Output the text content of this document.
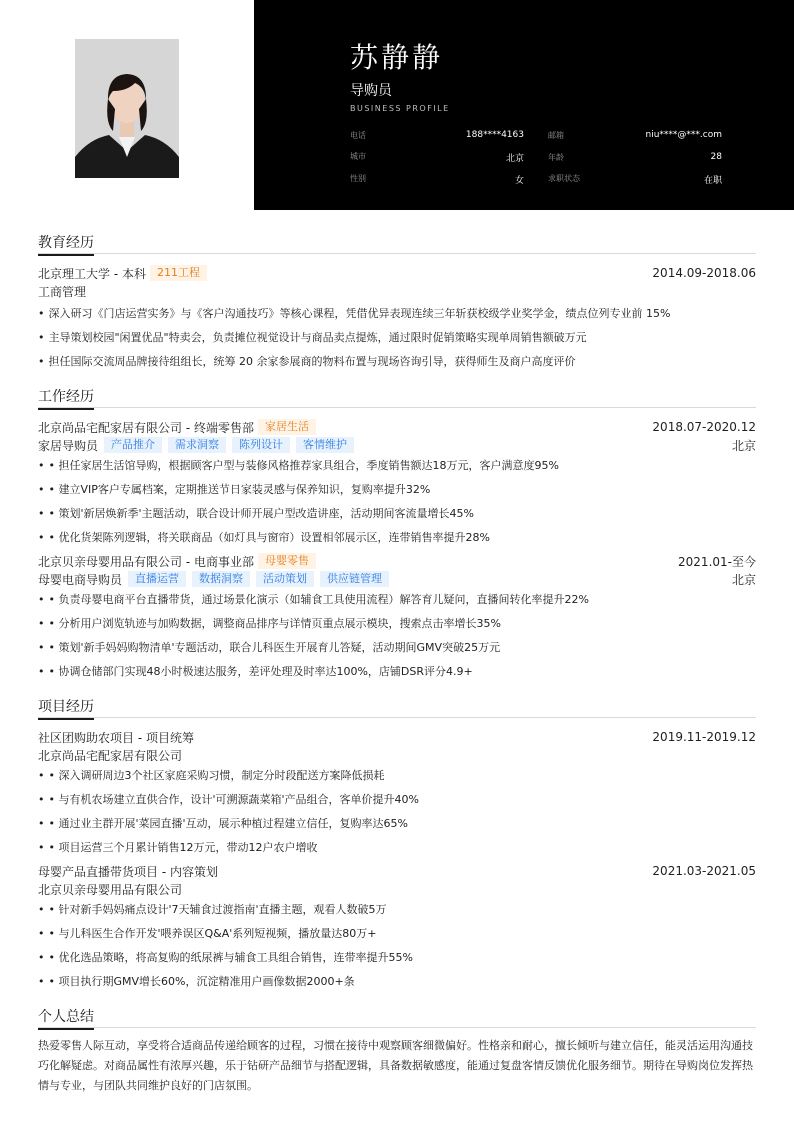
苏静静
导购员
BUSINESS PROFILE
电话	188****4163	邮箱	niu****@***.com
城市	北京	年龄	28
性别	女	求职状态	在职
教育经历
北京理工大学 - 本科	211工程	2014.09-2018.06
工商管理
• 深入研习《门店运营实务》与《客户沟通技巧》等核心课程，凭借优异表现连续三年斩获校级学业奖学金，绩点位列专业前 15%
• 主导策划校园"闲置优品"特卖会，负责摊位视觉设计与商品卖点提炼，通过限时促销策略实现单周销售额破万元
• 担任国际交流周品牌接待组组长，统筹 20 余家参展商的物料布置与现场咨询引导，获得师生及商户高度评价
工作经历
北京尚品宅配家居有限公司 - 终端零售部	家居生活	2018.07-2020.12
家居导购员	产品推介	需求洞察	陈列设计	客情维护	北京
• • 担任家居生活馆导购，根据顾客户型与装修风格推荐家具组合，季度销售额达18万元，客户满意度95%
• • 建立VIP客户专属档案，定期推送节日家装灵感与保养知识，复购率提升32%
• • 策划'新居焕新季'主题活动，联合设计师开展户型改造讲座，活动期间客流量增长45%
• • 优化货架陈列逻辑，将关联商品（如灯具与窗帘）设置相邻展示区，连带销售率提升28%
北京贝亲母婴用品有限公司 - 电商事业部	母婴零售	2021.01-至今
母婴电商导购员	直播运营	数据洞察	活动策划	供应链管理	北京
• • 负责母婴电商平台直播带货，通过场景化演示（如辅食工具使用流程）解答育儿疑问，直播间转化率提升22%
• • 分析用户浏览轨迹与加购数据，调整商品排序与详情页重点展示模块，搜索点击率增长35%
• • 策划'新手妈妈购物清单'专题活动，联合儿科医生开展育儿答疑，活动期间GMV突破25万元
• • 协调仓储部门实现48小时极速达服务，差评处理及时率达100%，店铺DSR评分4.9+
项目经历
社区团购助农项目 - 项目统筹	2019.11-2019.12
北京尚品宅配家居有限公司
• • 深入调研周边3个社区家庭采购习惯，制定分时段配送方案降低损耗
• • 与有机农场建立直供合作，设计'可溯源蔬菜箱'产品组合，客单价提升40%
• • 通过业主群开展'菜园直播'互动，展示种植过程建立信任，复购率达65%
• • 项目运营三个月累计销售12万元，带动12户农户增收
母婴产品直播带货项目 - 内容策划	2021.03-2021.05
北京贝亲母婴用品有限公司
• • 针对新手妈妈痛点设计'7天辅食过渡指南'直播主题，观看人数破5万
• • 与儿科医生合作开发'喂养误区Q&A'系列短视频，播放量达80万+
• • 优化选品策略，将高复购的纸尿裤与辅食工具组合销售，连带率提升55%
• • 项目执行期GMV增长60%，沉淀精准用户画像数据2000+条
个人总结

热爱零售人际互动，享受将合适商品传递给顾客的过程，习惯在接待中观察顾客细微偏好。性格亲和耐心，擅长倾听与建立信任，能灵活运用沟通技巧化解疑虑。对商品属性有浓厚兴趣，乐于钻研产品细节与搭配逻辑，具备数据敏感度，能通过复盘客情反馈优化服务细节。期待在导购岗位发挥热情与专业，与团队共同维护良好的门店氛围。
